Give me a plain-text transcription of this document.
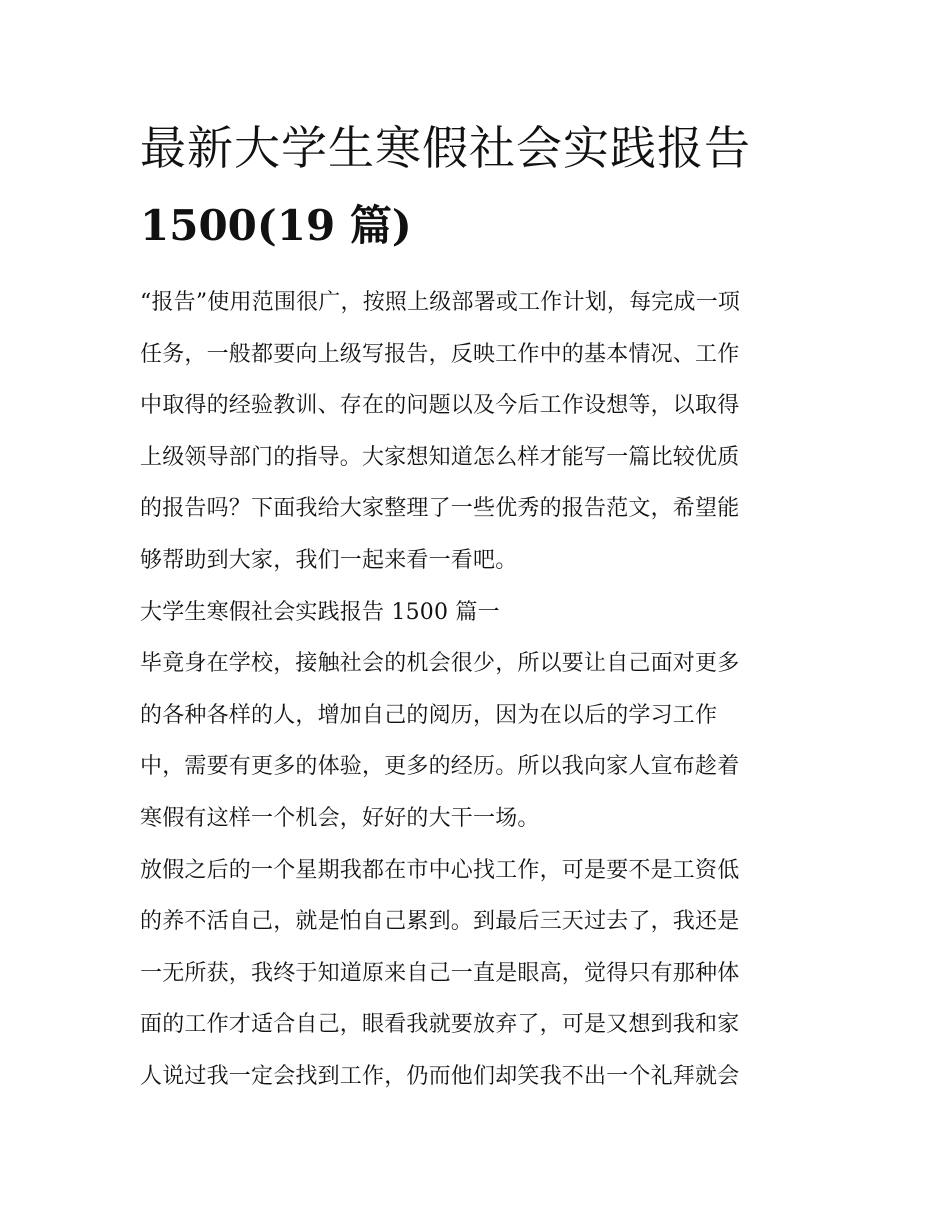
最新大学生寒假社会实践报告
1500(19 篇)
“报告”使用范围很广，按照上级部署或工作计划，每完成一项
任务，一般都要向上级写报告，反映工作中的基本情况、工作
中取得的经验教训、存在的问题以及今后工作设想等，以取得
上级领导部门的指导。大家想知道怎么样才能写一篇比较优质
的报告吗？下面我给大家整理了一些优秀的报告范文，希望能
够帮助到大家，我们一起来看一看吧。
大学生寒假社会实践报告 1500 篇一
毕竟身在学校，接触社会的机会很少，所以要让自己面对更多
的各种各样的人，增加自己的阅历，因为在以后的学习工作
中，需要有更多的体验，更多的经历。所以我向家人宣布趁着
寒假有这样一个机会，好好的大干一场。
放假之后的一个星期我都在市中心找工作，可是要不是工资低
的养不活自己，就是怕自己累到。到最后三天过去了，我还是
一无所获，我终于知道原来自己一直是眼高，觉得只有那种体
面的工作才适合自己，眼看我就要放弃了，可是又想到我和家
人说过我一定会找到工作，仍而他们却笑我不出一个礼拜就会
